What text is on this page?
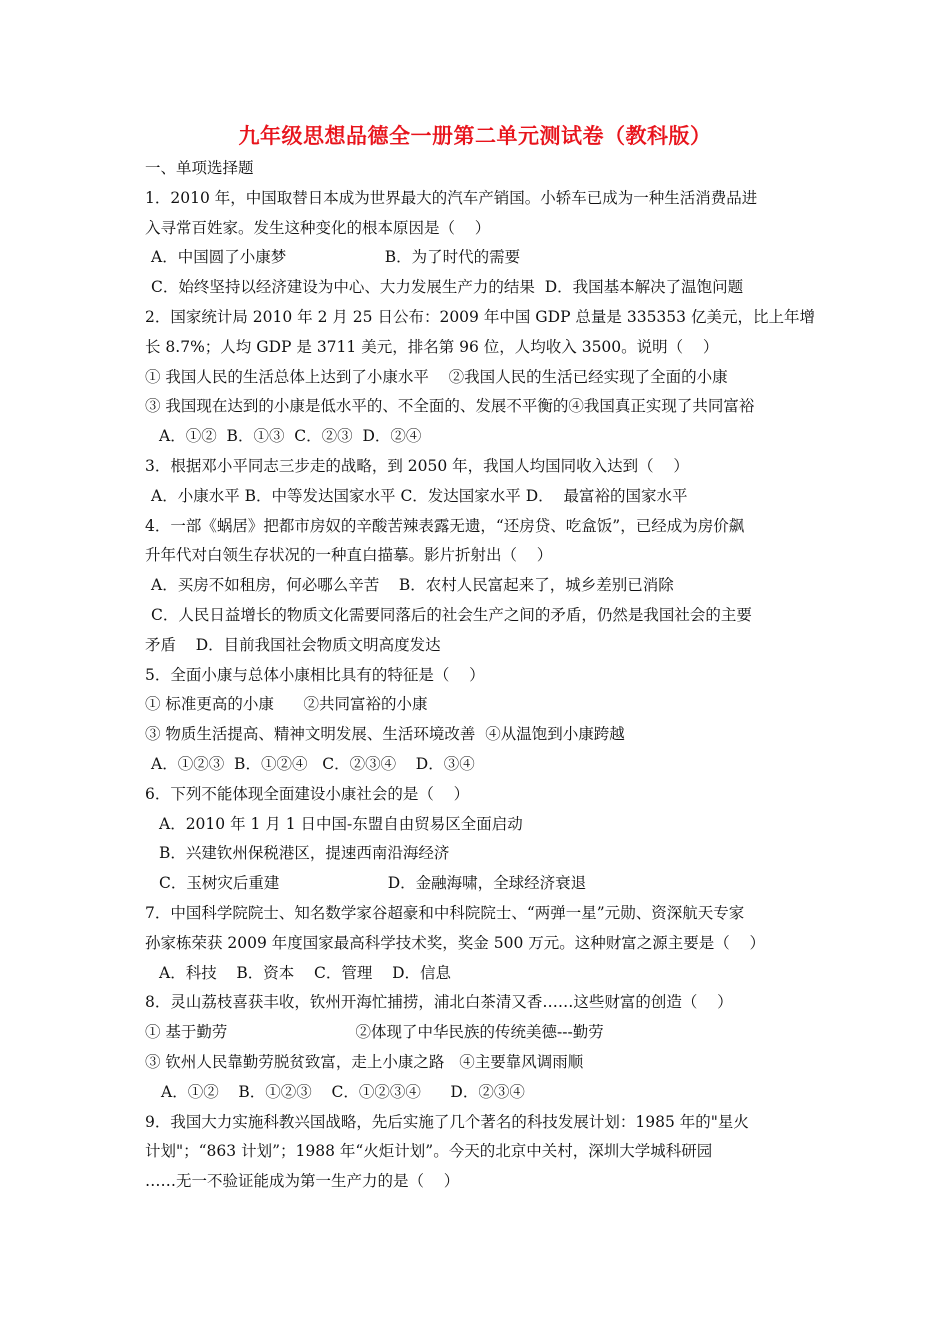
九年级思想品德全一册第二单元测试卷（教科版）
一、单项选择题
1．2010 年，中国取替日本成为世界最大的汽车产销国。小轿车已成为一种生活消费品进
入寻常百姓家。发生这种变化的根本原因是（    ）
A．中国圆了小康梦                    B．为了时代的需要
C．始终坚持以经济建设为中心、大力发展生产力的结果  D．我国基本解决了温饱问题
2．国家统计局 2010 年 2 月 25 日公布：2009 年中国 GDP 总量是 335353 亿美元，比上年增
长 8.7%；人均 GDP 是 3711 美元，排名第 96 位，人均收入 3500。说明（    ）
① 我国人民的生活总体上达到了小康水平    ②我国人民的生活已经实现了全面的小康
③ 我国现在达到的小康是低水平的、不全面的、发展不平衡的④我国真正实现了共同富裕
A．①②  B．①③  C．②③  D．②④
3．根据邓小平同志三步走的战略，到 2050 年，我国人均国同收入达到（    ）
A．小康水平 B．中等发达国家水平 C．发达国家水平 D．  最富裕的国家水平
4．一部《蜗居》把都市房奴的辛酸苦辣表露无遗，“还房贷、吃盒饭”，已经成为房价飙
升年代对白领生存状况的一种直白描摹。影片折射出（    ）
A．买房不如租房，何必哪么辛苦    B．农村人民富起来了，城乡差别已消除
C．人民日益增长的物质文化需要同落后的社会生产之间的矛盾，仍然是我国社会的主要
矛盾    D．目前我国社会物质文明高度发达
5．全面小康与总体小康相比具有的特征是（    ）
① 标准更高的小康      ②共同富裕的小康
③ 物质生活提高、精神文明发展、生活环境改善  ④从温饱到小康跨越
A．①②③  B．①②④   C．②③④    D．③④
6．下列不能体现全面建设小康社会的是（    ）
A．2010 年 1 月 1 日中国-东盟自由贸易区全面启动
B．兴建钦州保税港区，提速西南沿海经济
C．玉树灾后重建                      D．金融海啸，全球经济衰退
7．中国科学院院士、知名数学家谷超豪和中科院院士、“两弹一星”元勋、资深航天专家
孙家栋荣获 2009 年度国家最高科学技术奖，奖金 500 万元。这种财富之源主要是（    ）
A．科技    B．资本    C．管理    D．信息
8．灵山荔枝喜获丰收，钦州开海忙捕捞，浦北白茶清又香……这些财富的创造（    ）
① 基于勤劳                          ②体现了中华民族的传统美德---勤劳
③ 钦州人民靠勤劳脱贫致富，走上小康之路   ④主要靠风调雨顺
A．①②    B．①②③    C．①②③④      D．②③④
9．我国大力实施科教兴国战略，先后实施了几个著名的科技发展计划：1985 年的"星火
计划"；“863 计划”；1988 年“火炬计划”。今天的北京中关村，深圳大学城科研园
……无一不验证能成为第一生产力的是（    ）
